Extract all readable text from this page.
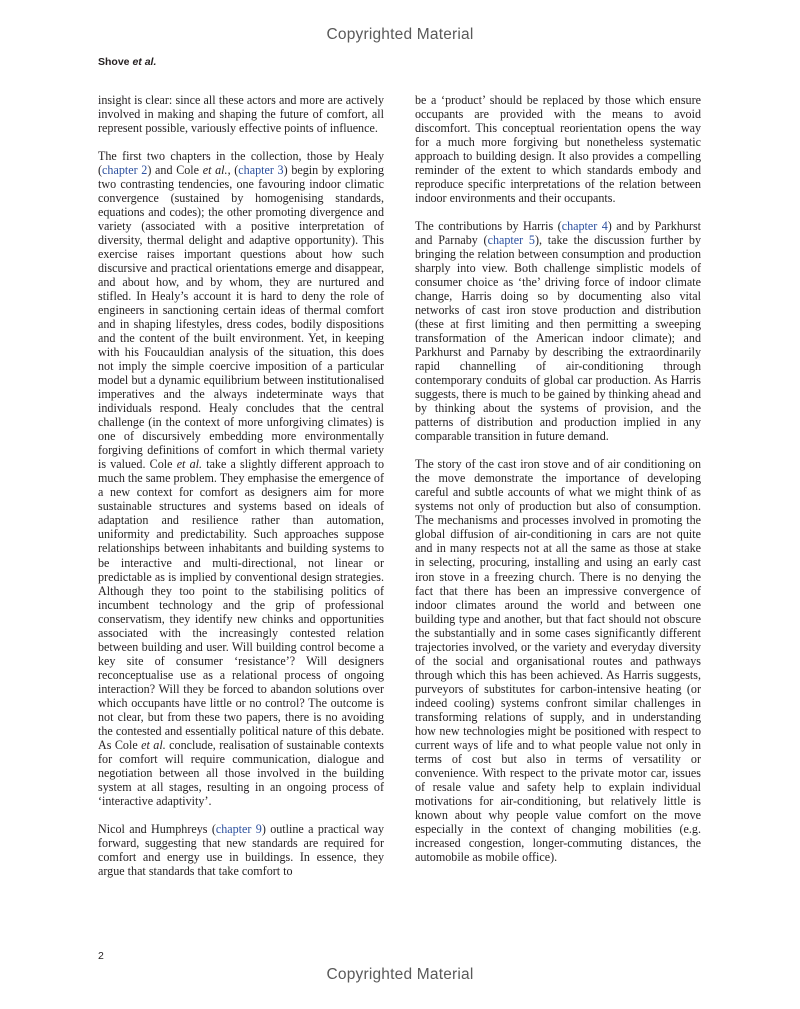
Copyrighted Material
Shove et al.

insight is clear: since all these actors and more are actively involved in making and shaping the future of comfort, all represent possible, variously effective points of influence.

The first two chapters in the collection, those by Healy (chapter 2) and Cole et al., (chapter 3) begin by exploring two contrasting tendencies, one favouring indoor climatic convergence (sustained by homogenising standards, equations and codes); the other promoting divergence and variety (associated with a positive interpretation of diversity, thermal delight and adaptive opportunity). This exercise raises important questions about how such discursive and practical orientations emerge and disappear, and about how, and by whom, they are nurtured and stifled. In Healy’s account it is hard to deny the role of engineers in sanctioning certain ideas of thermal comfort and in shaping lifestyles, dress codes, bodily dispositions and the content of the built environment. Yet, in keeping with his Foucauldian analysis of the situation, this does not imply the simple coercive imposition of a particular model but a dynamic equilibrium between institutionalised imperatives and the always indeterminate ways that individuals respond. Healy concludes that the central challenge (in the context of more unforgiving climates) is one of discursively embedding more environmentally forgiving definitions of comfort in which thermal variety is valued. Cole et al. take a slightly different approach to much the same problem. They emphasise the emergence of a new context for comfort as designers aim for more sustainable structures and systems based on ideals of adaptation and resilience rather than automation, uniformity and predictability. Such approaches suppose relationships between inhabitants and building systems to be interactive and multi-directional, not linear or predictable as is implied by conventional design strategies. Although they too point to the stabilising politics of incumbent technology and the grip of professional conservatism, they identify new chinks and opportunities associated with the increasingly contested relation between building and user. Will building control become a key site of consumer ‘resistance’? Will designers reconceptualise use as a relational process of ongoing interaction? Will they be forced to abandon solutions over which occupants have little or no control? The outcome is not clear, but from these two papers, there is no avoiding the contested and essentially political nature of this debate. As Cole et al. conclude, realisation of sustainable contexts for comfort will require communication, dialogue and negotiation between all those involved in the building system at all stages, resulting in an ongoing process of ‘interactive adaptivity’.

Nicol and Humphreys (chapter 9) outline a practical way forward, suggesting that new standards are required for comfort and energy use in buildings. In essence, they argue that standards that take comfort to

be a ‘product’ should be replaced by those which ensure occupants are provided with the means to avoid discomfort. This conceptual reorientation opens the way for a much more forgiving but nonetheless systematic approach to building design. It also provides a compelling reminder of the extent to which standards embody and reproduce specific interpretations of the relation between indoor environments and their occupants.

The contributions by Harris (chapter 4) and by Parkhurst and Parnaby (chapter 5), take the discussion further by bringing the relation between consumption and production sharply into view. Both challenge simplistic models of consumer choice as ‘the’ driving force of indoor climate change, Harris doing so by documenting also vital networks of cast iron stove production and distribution (these at first limiting and then permitting a sweeping transformation of the American indoor climate); and Parkhurst and Parnaby by describing the extraordinarily rapid channelling of air-conditioning through contemporary conduits of global car production. As Harris suggests, there is much to be gained by thinking ahead and by thinking about the systems of provision, and the patterns of distribution and production implied in any comparable transition in future demand.

The story of the cast iron stove and of air conditioning on the move demonstrate the importance of developing careful and subtle accounts of what we might think of as systems not only of production but also of consumption. The mechanisms and processes involved in promoting the global diffusion of air-conditioning in cars are not quite and in many respects not at all the same as those at stake in selecting, procuring, installing and using an early cast iron stove in a freezing church. There is no denying the fact that there has been an impressive convergence of indoor climates around the world and between one building type and another, but that fact should not obscure the substantially and in some cases significantly different trajectories involved, or the variety and everyday diversity of the social and organisational routes and pathways through which this has been achieved. As Harris suggests, purveyors of substitutes for carbon-intensive heating (or indeed cooling) systems confront similar challenges in transforming relations of supply, and in understanding how new technologies might be positioned with respect to current ways of life and to what people value not only in terms of cost but also in terms of versatility or convenience. With respect to the private motor car, issues of resale value and safety help to explain individual motivations for air-conditioning, but relatively little is known about why people value comfort on the move especially in the context of changing mobilities (e.g. increased congestion, longer-commuting distances, the automobile as mobile office).

2
Copyrighted Material
